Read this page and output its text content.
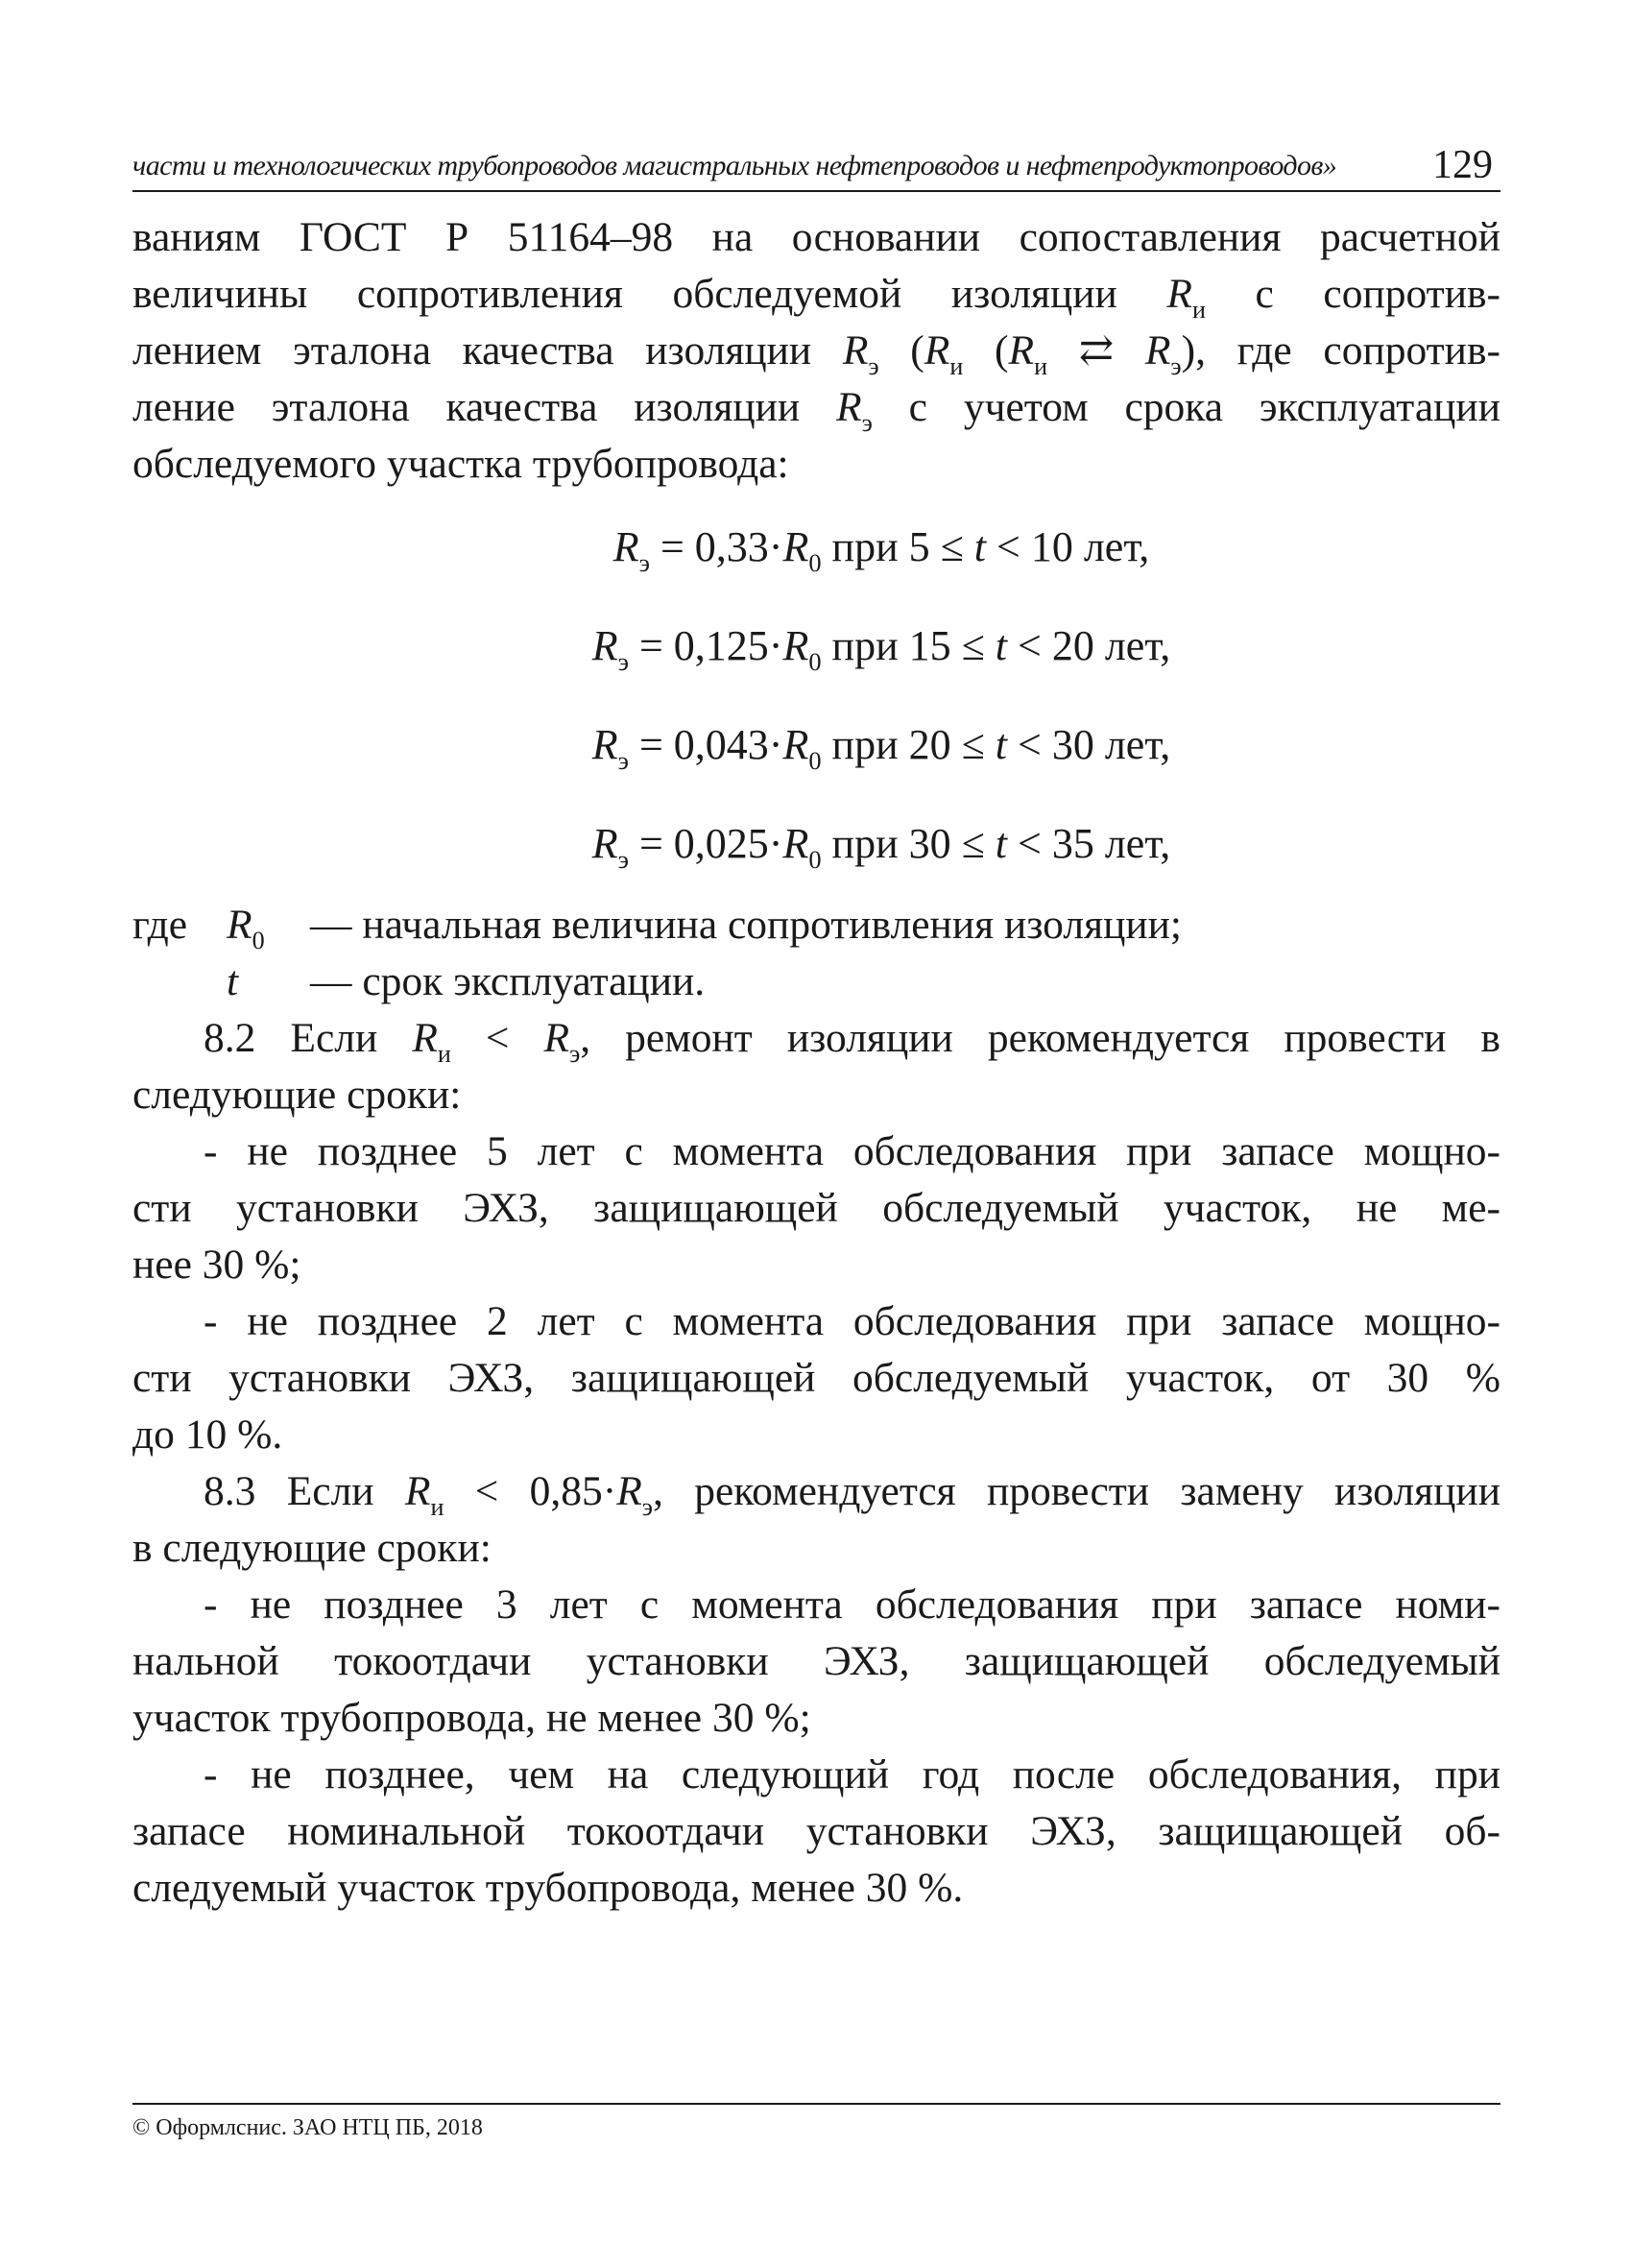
части и технологических трубопроводов магистральных нефтепроводов и нефтепродуктопроводов» 129

ваниям ГОСТ Р 51164–98 на основании сопоставления расчетной

величины сопротивления обследуемой изоляции $R_и$ с сопротив-

лением эталона качества изоляции $R_э$ ($R_и$ ($R_и$ ⇄ $R_э$), где сопротив-

ление эталона качества изоляции $R_э$ с учетом срока эксплуатации

обследуемого участка трубопровода:

$R_э = 0,33\cdot R_0$ при 5 ≤ t < 10 лет,
$R_э = 0,125\cdot R_0$ при 15 ≤ t < 20 лет,
$R_э = 0,043\cdot R_0$ при 20 ≤ t < 30 лет,
$R_э = 0,025\cdot R_0$ при 30 ≤ t < 35 лет,
где $R_0$ — начальная величина сопротивления изоляции;
t — срок эксплуатации.

8.2 Если $R_и < R_э$, ремонт изоляции рекомендуется провести в

следующие сроки:

- не позднее 5 лет с момента обследования при запасе мощно-

сти установки ЭХЗ, защищающей обследуемый участок, не ме-

нее 30 %;

- не позднее 2 лет с момента обследования при запасе мощно-

сти установки ЭХЗ, защищающей обследуемый участок, от 30 %

до 10 %.

8.3 Если $R_и < 0,85\cdot R_э$, рекомендуется провести замену изоляции

в следующие сроки:

- не позднее 3 лет с момента обследования при запасе номи-

нальной токоотдачи установки ЭХЗ, защищающей обследуемый

участок трубопровода, не менее 30 %;

- не позднее, чем на следующий год после обследования, при

запасе номинальной токоотдачи установки ЭХЗ, защищающей об-

следуемый участок трубопровода, менее 30 %.

© Оформлснис. ЗАО НТЦ ПБ, 2018
